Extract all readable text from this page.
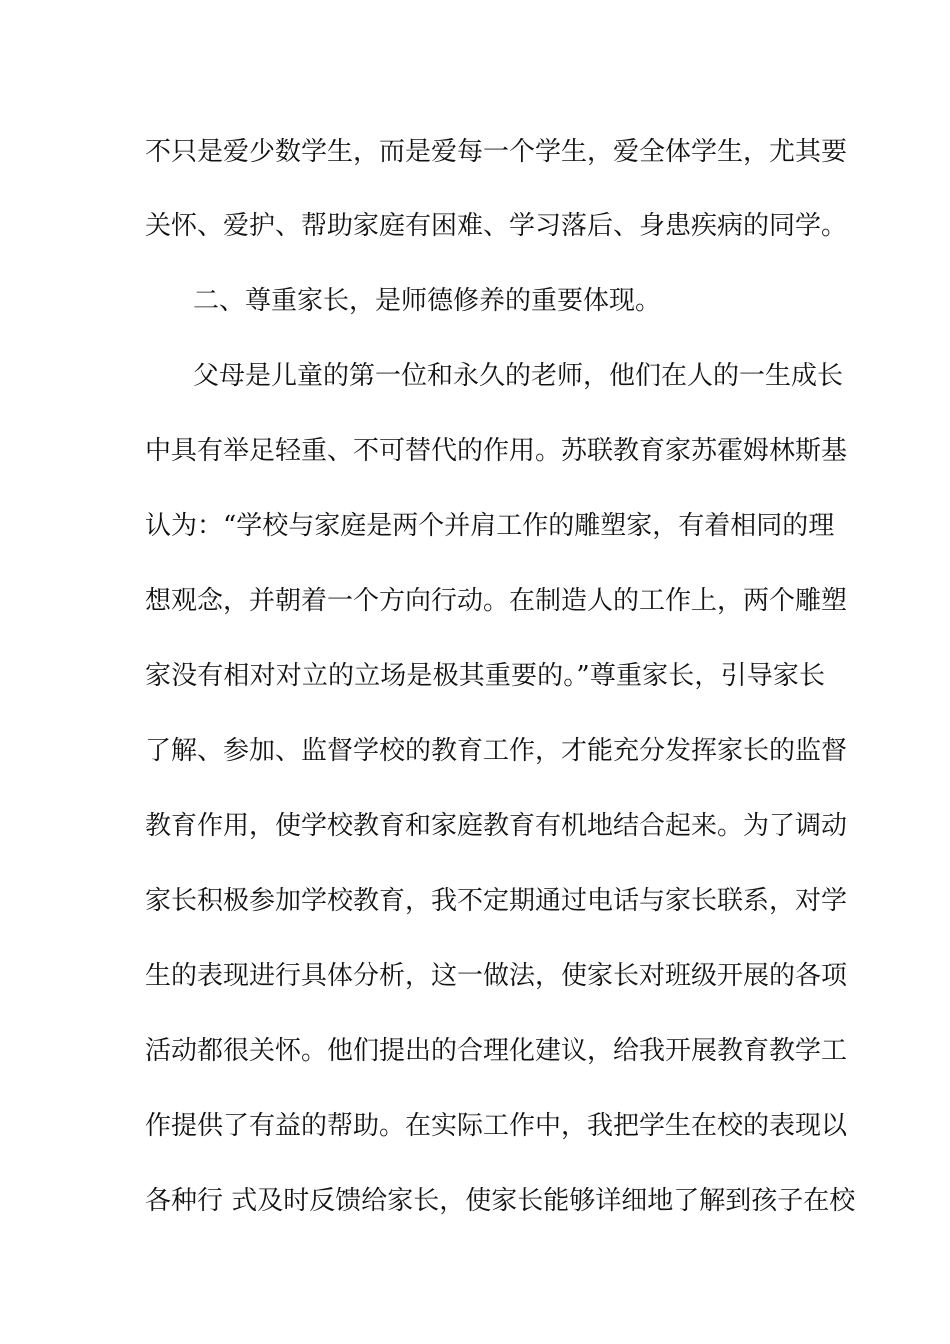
不只是爱少数学生，而是爱每一个学生，爱全体学生，尤其要
关怀、爱护、帮助家庭有困难、学习落后、身患疾病的同学。
二、尊重家长，是师德修养的重要体现。
父母是儿童的第一位和永久的老师，他们在人的一生成长
中具有举足轻重、不可替代的作用。苏联教育家苏霍姆林斯基
认为：“学校与家庭是两个并肩工作的雕塑家，有着相同的理
想观念，并朝着一个方向行动。在制造人的工作上，两个雕塑
家没有相对对立的立场是极其重要的。”尊重家长，引导家长
了解、参加、监督学校的教育工作，才能充分发挥家长的监督
教育作用，使学校教育和家庭教育有机地结合起来。为了调动
家长积极参加学校教育，我不定期通过电话与家长联系，对学
生的表现进行具体分析，这一做法，使家长对班级开展的各项
活动都很关怀。他们提出的合理化建议，给我开展教育教学工
作提供了有益的帮助。在实际工作中，我把学生在校的表现以
各种行 式及时反馈给家长，使家长能够详细地了解到孩子在校
